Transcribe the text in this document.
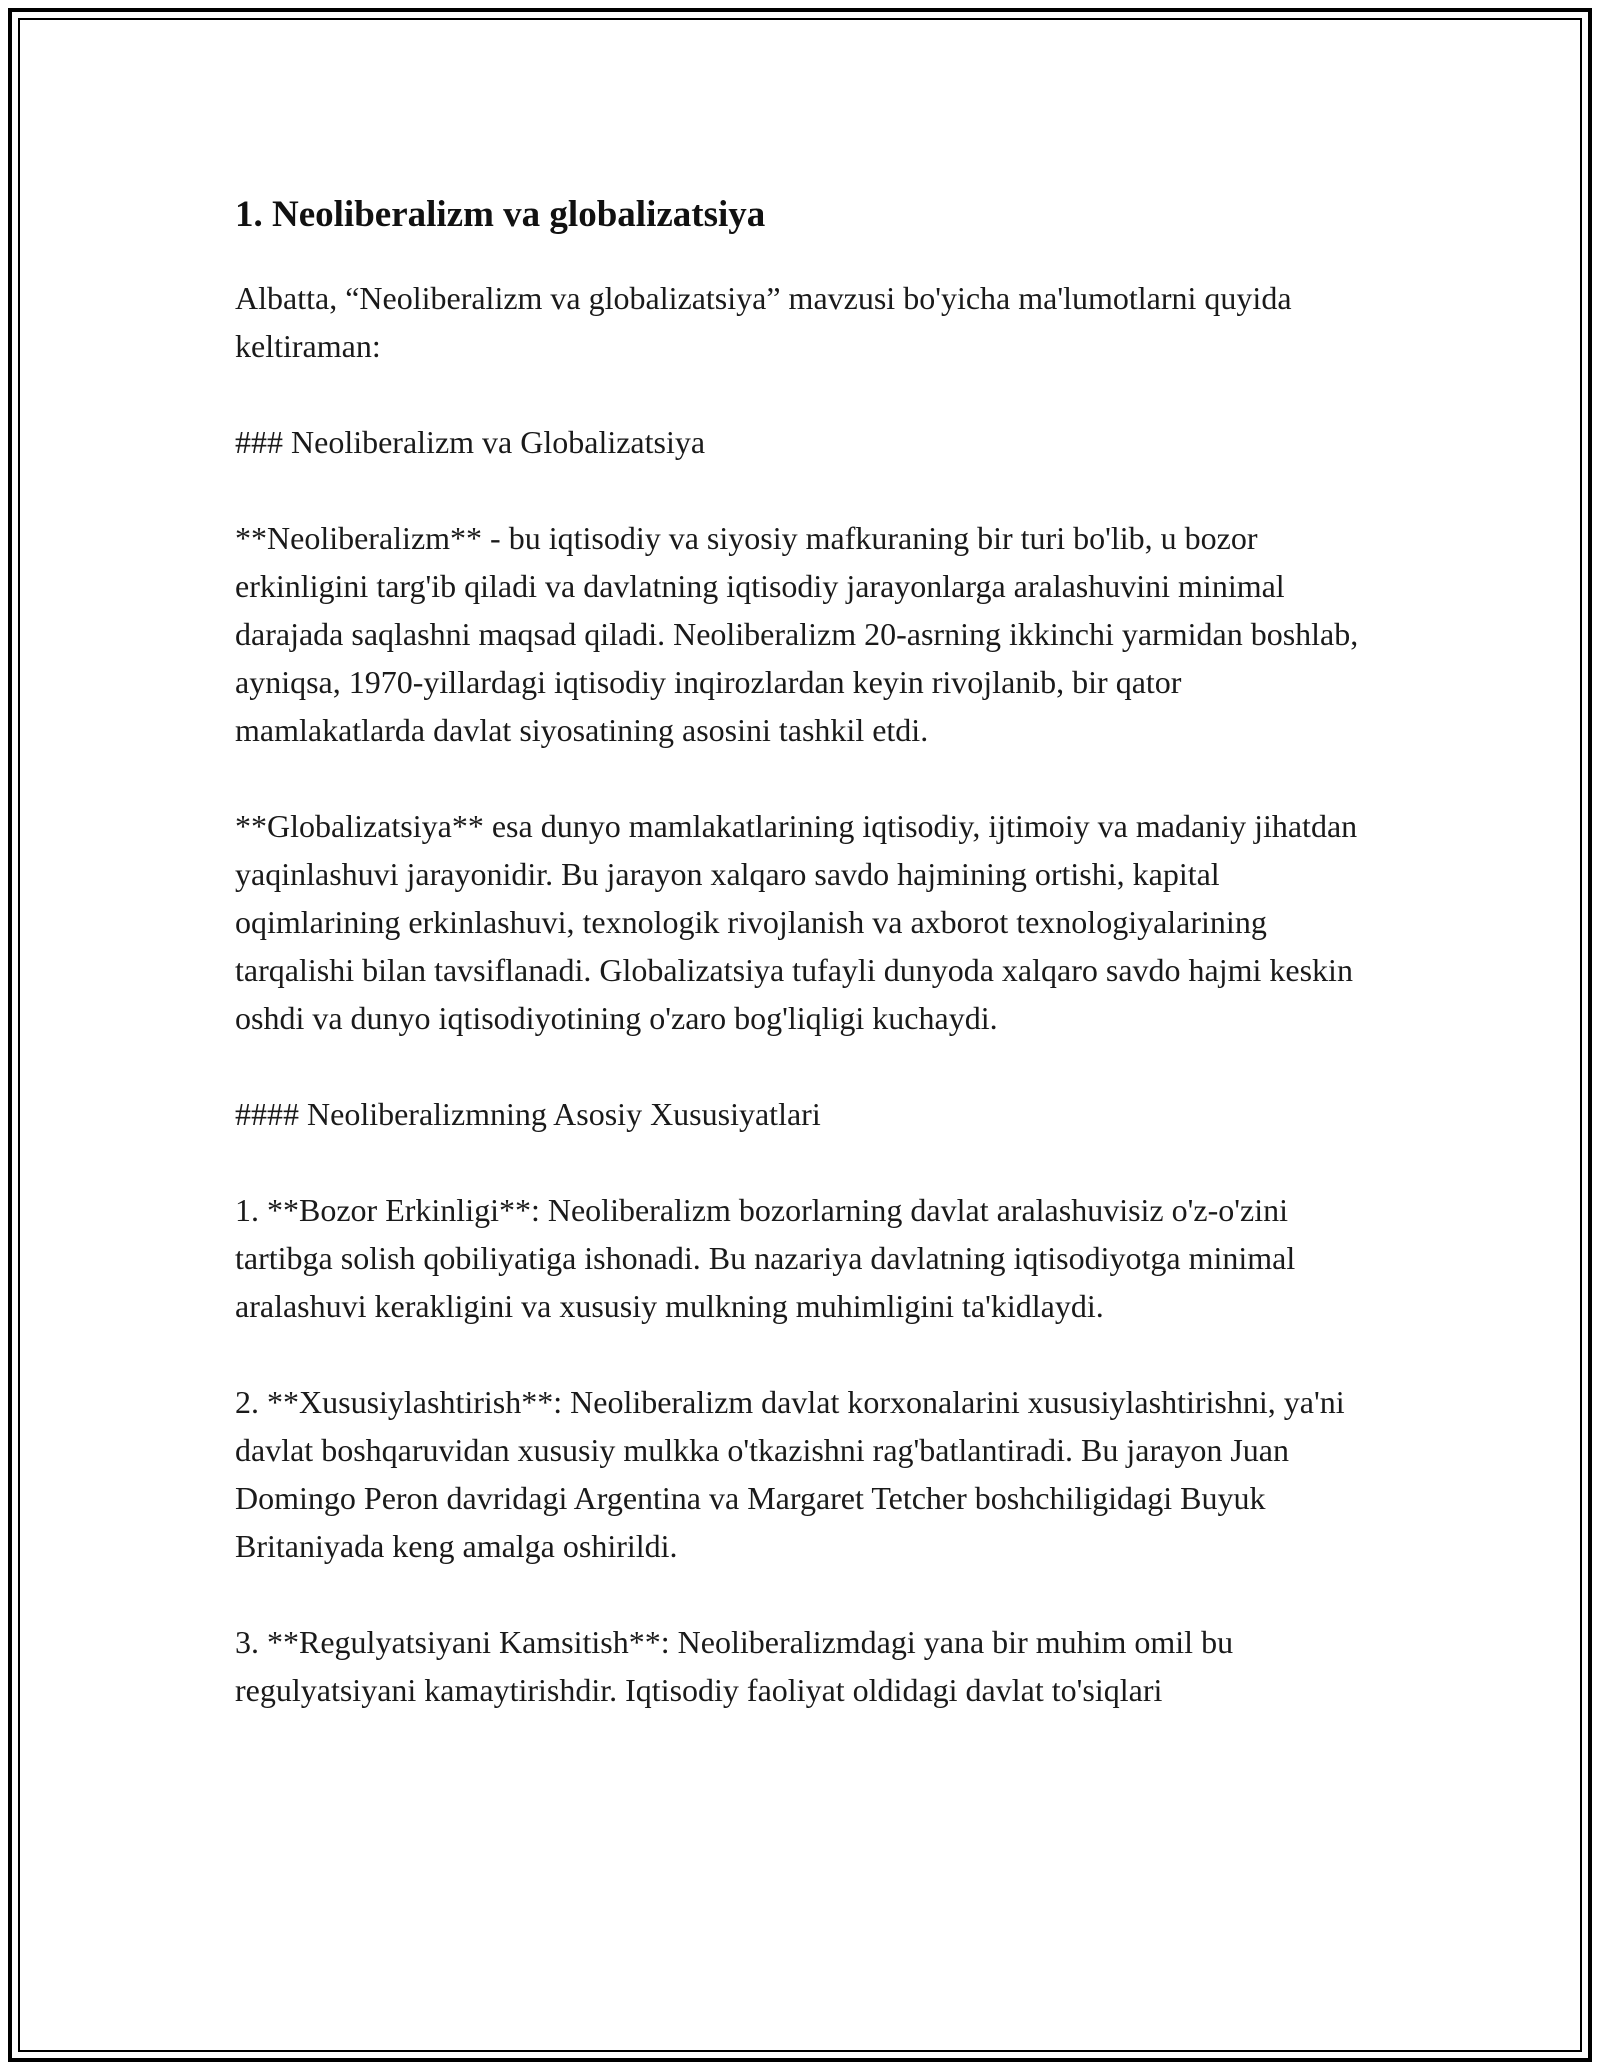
1. Neoliberalizm va globalizatsiya

Albatta, “Neoliberalizm va globalizatsiya” mavzusi bo'yicha ma'lumotlarni quyida keltiraman:

### Neoliberalizm va Globalizatsiya

**Neoliberalizm** - bu iqtisodiy va siyosiy mafkuraning bir turi bo'lib, u bozor erkinligini targ'ib qiladi va davlatning iqtisodiy jarayonlarga aralashuvini minimal darajada saqlashni maqsad qiladi. Neoliberalizm 20-asrning ikkinchi yarmidan boshlab, ayniqsa, 1970-yillardagi iqtisodiy inqirozlardan keyin rivojlanib, bir qator mamlakatlarda davlat siyosatining asosini tashkil etdi.

**Globalizatsiya** esa dunyo mamlakatlarining iqtisodiy, ijtimoiy va madaniy jihatdan yaqinlashuvi jarayonidir. Bu jarayon xalqaro savdo hajmining ortishi, kapital oqimlarining erkinlashuvi, texnologik rivojlanish va axborot texnologiyalarining tarqalishi bilan tavsiflanadi. Globalizatsiya tufayli dunyoda xalqaro savdo hajmi keskin oshdi va dunyo iqtisodiyotining o'zaro bog'liqligi kuchaydi.

#### Neoliberalizmning Asosiy Xususiyatlari

1. **Bozor Erkinligi**: Neoliberalizm bozorlarning davlat aralashuvisiz o'z-o'zini tartibga solish qobiliyatiga ishonadi. Bu nazariya davlatning iqtisodiyotga minimal aralashuvi kerakligini va xususiy mulkning muhimligini ta'kidlaydi.

2. **Xususiylashtirish**: Neoliberalizm davlat korxonalarini xususiylashtirishni, ya'ni davlat boshqaruvidan xususiy mulkka o'tkazishni rag'batlantiradi. Bu jarayon Juan Domingo Peron davridagi Argentina va Margaret Tetcher boshchiligidagi Buyuk Britaniyada keng amalga oshirildi.

3. **Regulyatsiyani Kamsitish**: Neoliberalizmdagi yana bir muhim omil bu regulyatsiyani kamaytirishdir. Iqtisodiy faoliyat oldidagi davlat to'siqlari
